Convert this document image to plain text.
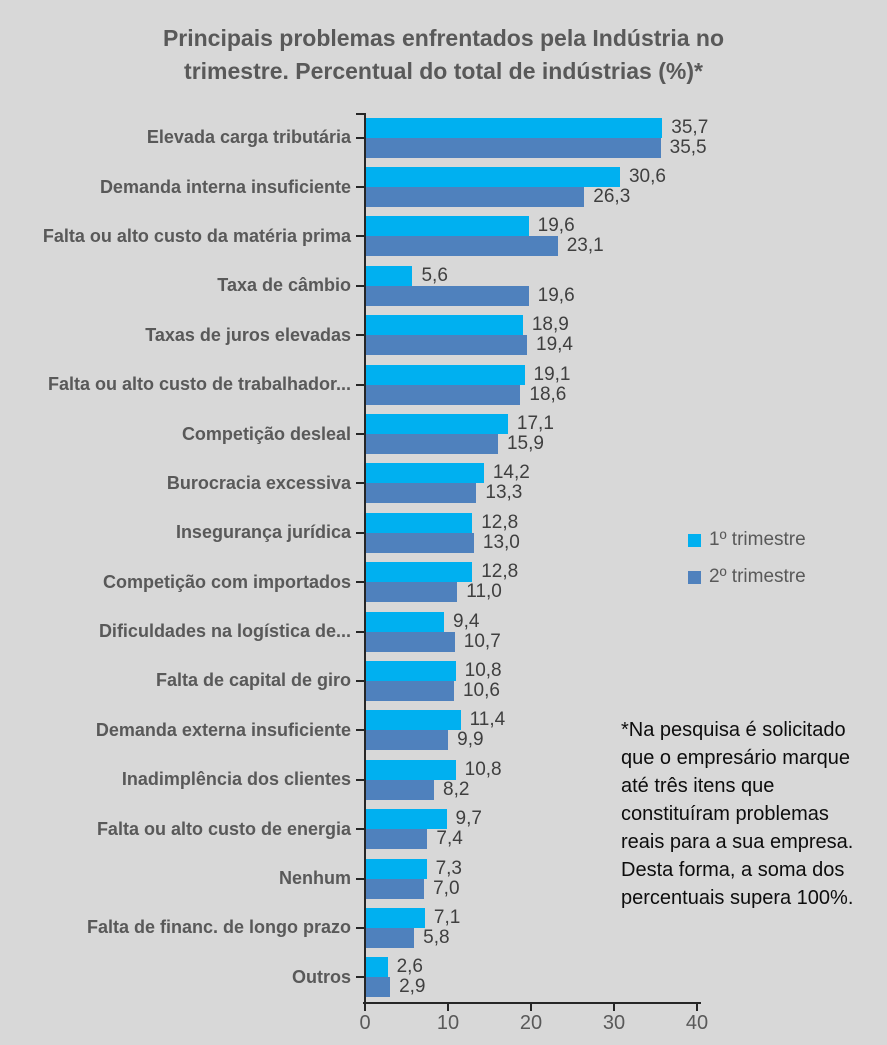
Principais problemas enfrentados pela Indústria no
trimestre. Percentual do total de indústrias (%)*
Elevada carga tributária	35,7
35,5
Demanda interna insuficiente	30,6
26,3
Falta ou alto custo da matéria prima	19,6
23,1
Taxa de câmbio	5,6
19,6
Taxas de juros elevadas	18,9
19,4
Falta ou alto custo de trabalhador...	19,1
18,6
Competição desleal	17,1
15,9
Burocracia excessiva	14,2
13,3
Insegurança jurídica	12,8
13,0
Competição com importados	12,8
11,0
Dificuldades na logística de...	9,4
10,7
Falta de capital de giro	10,8
10,6
Demanda externa insuficiente	11,4
9,9
Inadimplência dos clientes	10,8
8,2
Falta ou alto custo de energia	9,7
7,4
Nenhum	7,3
7,0
Falta de financ. de longo prazo	7,1
5,8
Outros 2,6
2,9
0	10	20	30	40
1º trimestre
2º trimestre
*Na pesquisa é solicitado
que o empresário marque
até três itens que
constituíram problemas
reais para a sua empresa.
Desta forma, a soma dos
percentuais supera 100%.
